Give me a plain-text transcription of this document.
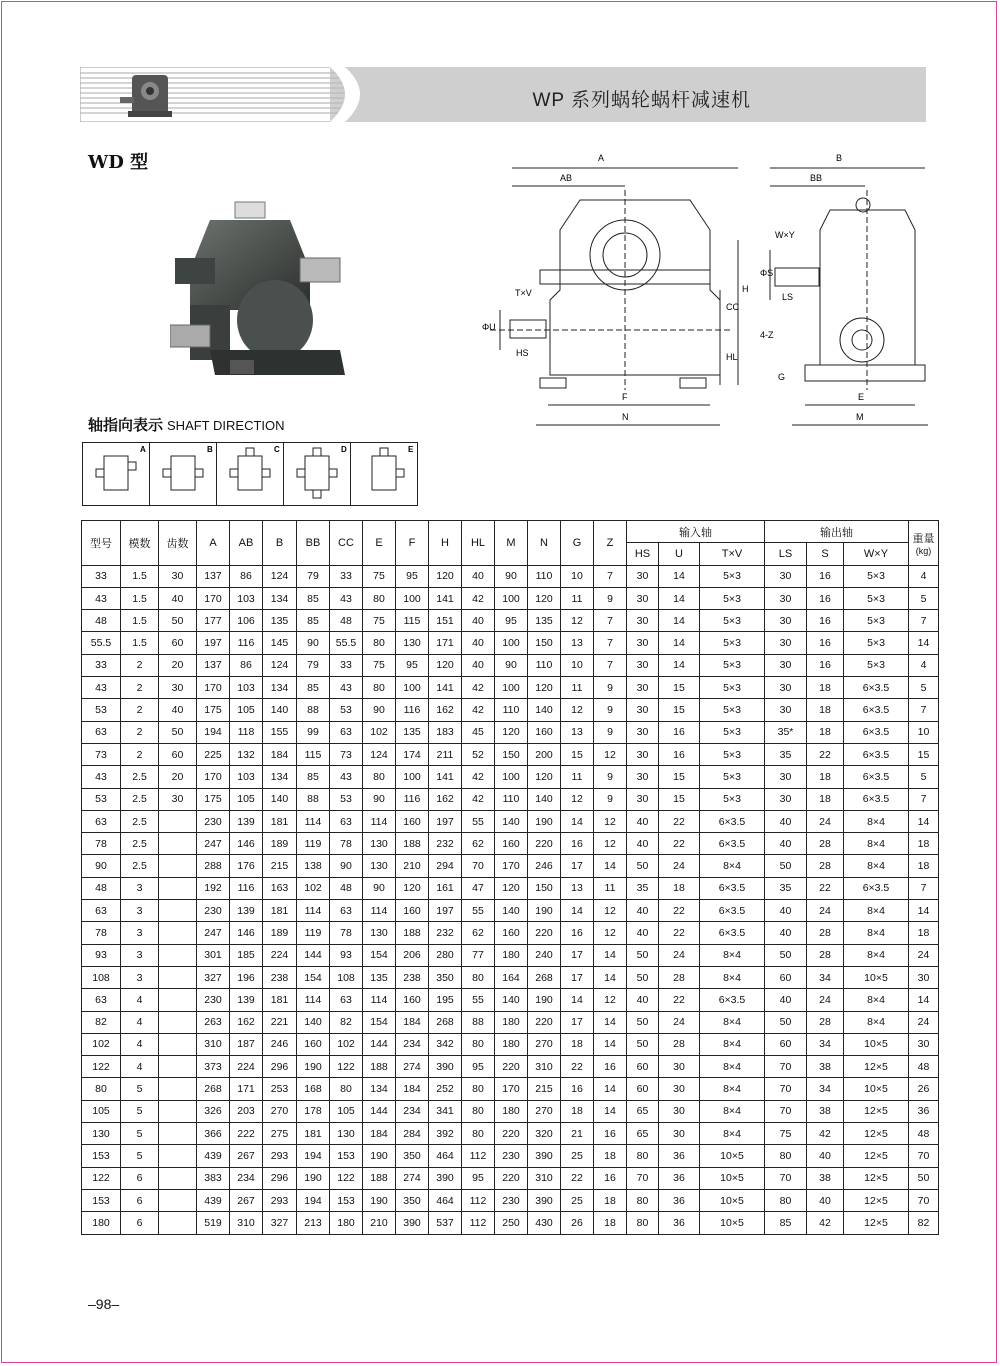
WP 系列蜗轮蜗杆减速机
WD 型	A
AB
B
BB
W×Y
T×V
ΦS
ΦU
LS
HS
CC
H
HL
F
N
E
M
G
4-Z
轴指向表示 SHAFT DIRECTION
A	B	C	D	E
型号	模数	齿数	A	AB	B	BB	CC	E	F	H	HL	M	N	G	Z	输入轴			输出轴			重量
(kg)

																HS	U	T×V	LS	S	W×Y	
33	1.5	30	137	86	124	79	33	75	95	120	40	90	110	10	7	30	14	5×3	30	16	5×3	4
43	1.5	40	170	103	134	85	43	80	100	141	42	100	120	11	9	30	14	5×3	30	16	5×3	5
48	1.5	50	177	106	135	85	48	75	115	151	40	95	135	12	7	30	14	5×3	30	16	5×3	7
55.5	1.5	60	197	116	145	90	55.5	80	130	171	40	100	150	13	7	30	14	5×3	30	16	5×3	14
33	2	20	137	86	124	79	33	75	95	120	40	90	110	10	7	30	14	5×3	30	16	5×3	4
43	2	30	170	103	134	85	43	80	100	141	42	100	120	11	9	30	15	5×3	30	18	6×3.5	5
53	2	40	175	105	140	88	53	90	116	162	42	110	140	12	9	30	15	5×3	30	18	6×3.5	7
63	2	50	194	118	155	99	63	102	135	183	45	120	160	13	9	30	16	5×3	35*	18	6×3.5	10
73	2	60	225	132	184	115	73	124	174	211	52	150	200	15	12	30	16	5×3	35	22	6×3.5	15
43	2.5	20	170	103	134	85	43	80	100	141	42	100	120	11	9	30	15	5×3	30	18	6×3.5	5
53	2.5	30	175	105	140	88	53	90	116	162	42	110	140	12	9	30	15	5×3	30	18	6×3.5	7
63	2.5		230	139	181	114	63	114	160	197	55	140	190	14	12	40	22	6×3.5	40	24	8×4	14
78	2.5		247	146	189	119	78	130	188	232	62	160	220	16	12	40	22	6×3.5	40	28	8×4	18
90	2.5		288	176	215	138	90	130	210	294	70	170	246	17	14	50	24	8×4	50	28	8×4	18
48	3		192	116	163	102	48	90	120	161	47	120	150	13	11	35	18	6×3.5	35	22	6×3.5	7
63	3		230	139	181	114	63	114	160	197	55	140	190	14	12	40	22	6×3.5	40	24	8×4	14
78	3		247	146	189	119	78	130	188	232	62	160	220	16	12	40	22	6×3.5	40	28	8×4	18
93	3		301	185	224	144	93	154	206	280	77	180	240	17	14	50	24	8×4	50	28	8×4	24
108	3		327	196	238	154	108	135	238	350	80	164	268	17	14	50	28	8×4	60	34	10×5	30
63	4		230	139	181	114	63	114	160	195	55	140	190	14	12	40	22	6×3.5	40	24	8×4	14
82	4		263	162	221	140	82	154	184	268	88	180	220	17	14	50	24	8×4	50	28	8×4	24
102	4		310	187	246	160	102	144	234	342	80	180	270	18	14	50	28	8×4	60	34	10×5	30
122	4		373	224	296	190	122	188	274	390	95	220	310	22	16	60	30	8×4	70	38	12×5	48
80	5		268	171	253	168	80	134	184	252	80	170	215	16	14	60	30	8×4	70	34	10×5	26
105	5		326	203	270	178	105	144	234	341	80	180	270	18	14	65	30	8×4	70	38	12×5	36
130	5		366	222	275	181	130	184	284	392	80	220	320	21	16	65	30	8×4	75	42	12×5	48
153	5		439	267	293	194	153	190	350	464	112	230	390	25	18	80	36	10×5	80	40	12×5	70
122	6		383	234	296	190	122	188	274	390	95	220	310	22	16	70	36	10×5	70	38	12×5	50
153	6		439	267	293	194	153	190	350	464	112	230	390	25	18	80	36	10×5	80	40	12×5	70
180	6		519	310	327	213	180	210	390	537	112	250	430	26	18	80	36	10×5	85	42	12×5	82
–98–
